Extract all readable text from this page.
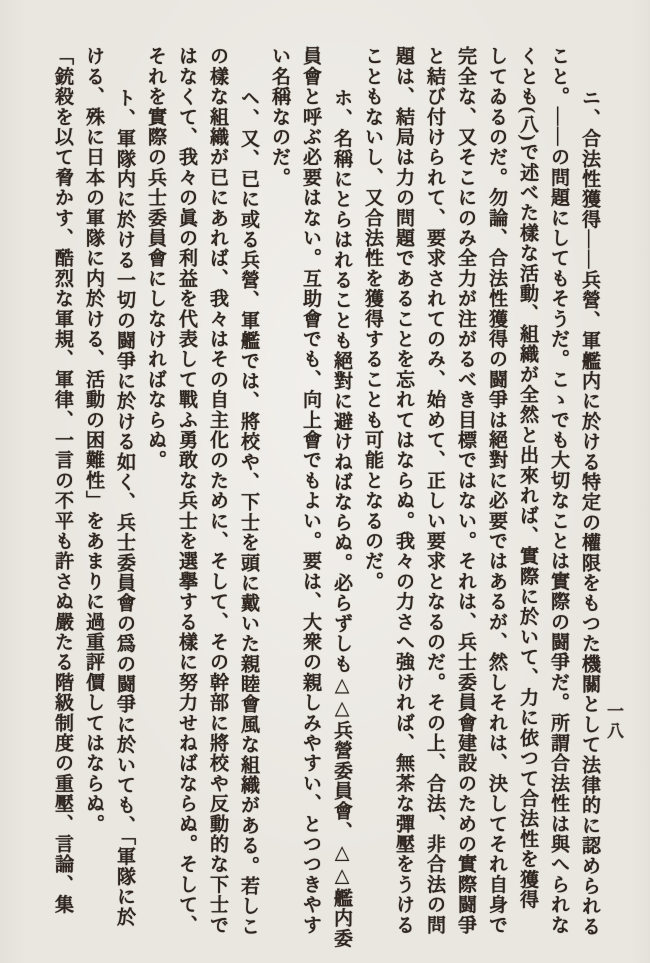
ニ、合法性獲得――兵營、軍艦内に於ける特定の權限をもつた機關として法律的に認められる
こと。――の問題にしてもそうだ。こゝでも大切なことは實際の闘爭だ。所謂合法性は與へられな
くとも(八)で述べた樣な活動、組織が全然と出來れば、實際に於いて、力に依つて合法性を獲得
してゐるのだ。勿論、合法性獲得の闘爭は絕對に必要ではあるが、然しそれは、決してそれ自身で
完全な、又そこにのみ全力が注がるべき目標ではない。それは、兵士委員會建設のための實際闘爭
と結び付けられて、要求されてのみ、始めて、正しい要求となるのだ。その上、合法、非合法の問
題は、結局は力の問題であることを忘れてはならぬ。我々の力さへ強ければ、無茶な彈壓をうける
こともないし、又合法性を獲得することも可能となるのだ。
ホ、名稱にとらはれることも絕對に避けねばならぬ。必らずしも△△兵營委員會、△△艦内委
員會と呼ぶ必要はない。互助會でも、向上會でもよい。要は、大衆の親しみやすい、とつつきやす
い名稱なのだ。
ヘ、又、已に或る兵營、軍艦では、將校や、下士を頭に戴いた親睦會風な組織がある。若しこ
の樣な組織が已にあれば、我々はその自主化のために、そして、その幹部に將校や反動的な下士で
はなくて、我々の眞の利益を代表して戰ふ勇敢な兵士を選擧する樣に努力せねばならぬ。そして、
それを實際の兵士委員會にしなければならぬ。
ト、軍隊内に於ける一切の闘爭に於ける如く、兵士委員會の爲の闘爭に於いても、「軍隊に於
ける、殊に日本の軍隊に内於ける、活動の困難性」をあまりに過重評價してはならぬ。
「銃殺を以て脅かす、酷烈な軍規、軍律、一言の不平も許さぬ嚴たる階級制度の重壓、言論、集	一八
